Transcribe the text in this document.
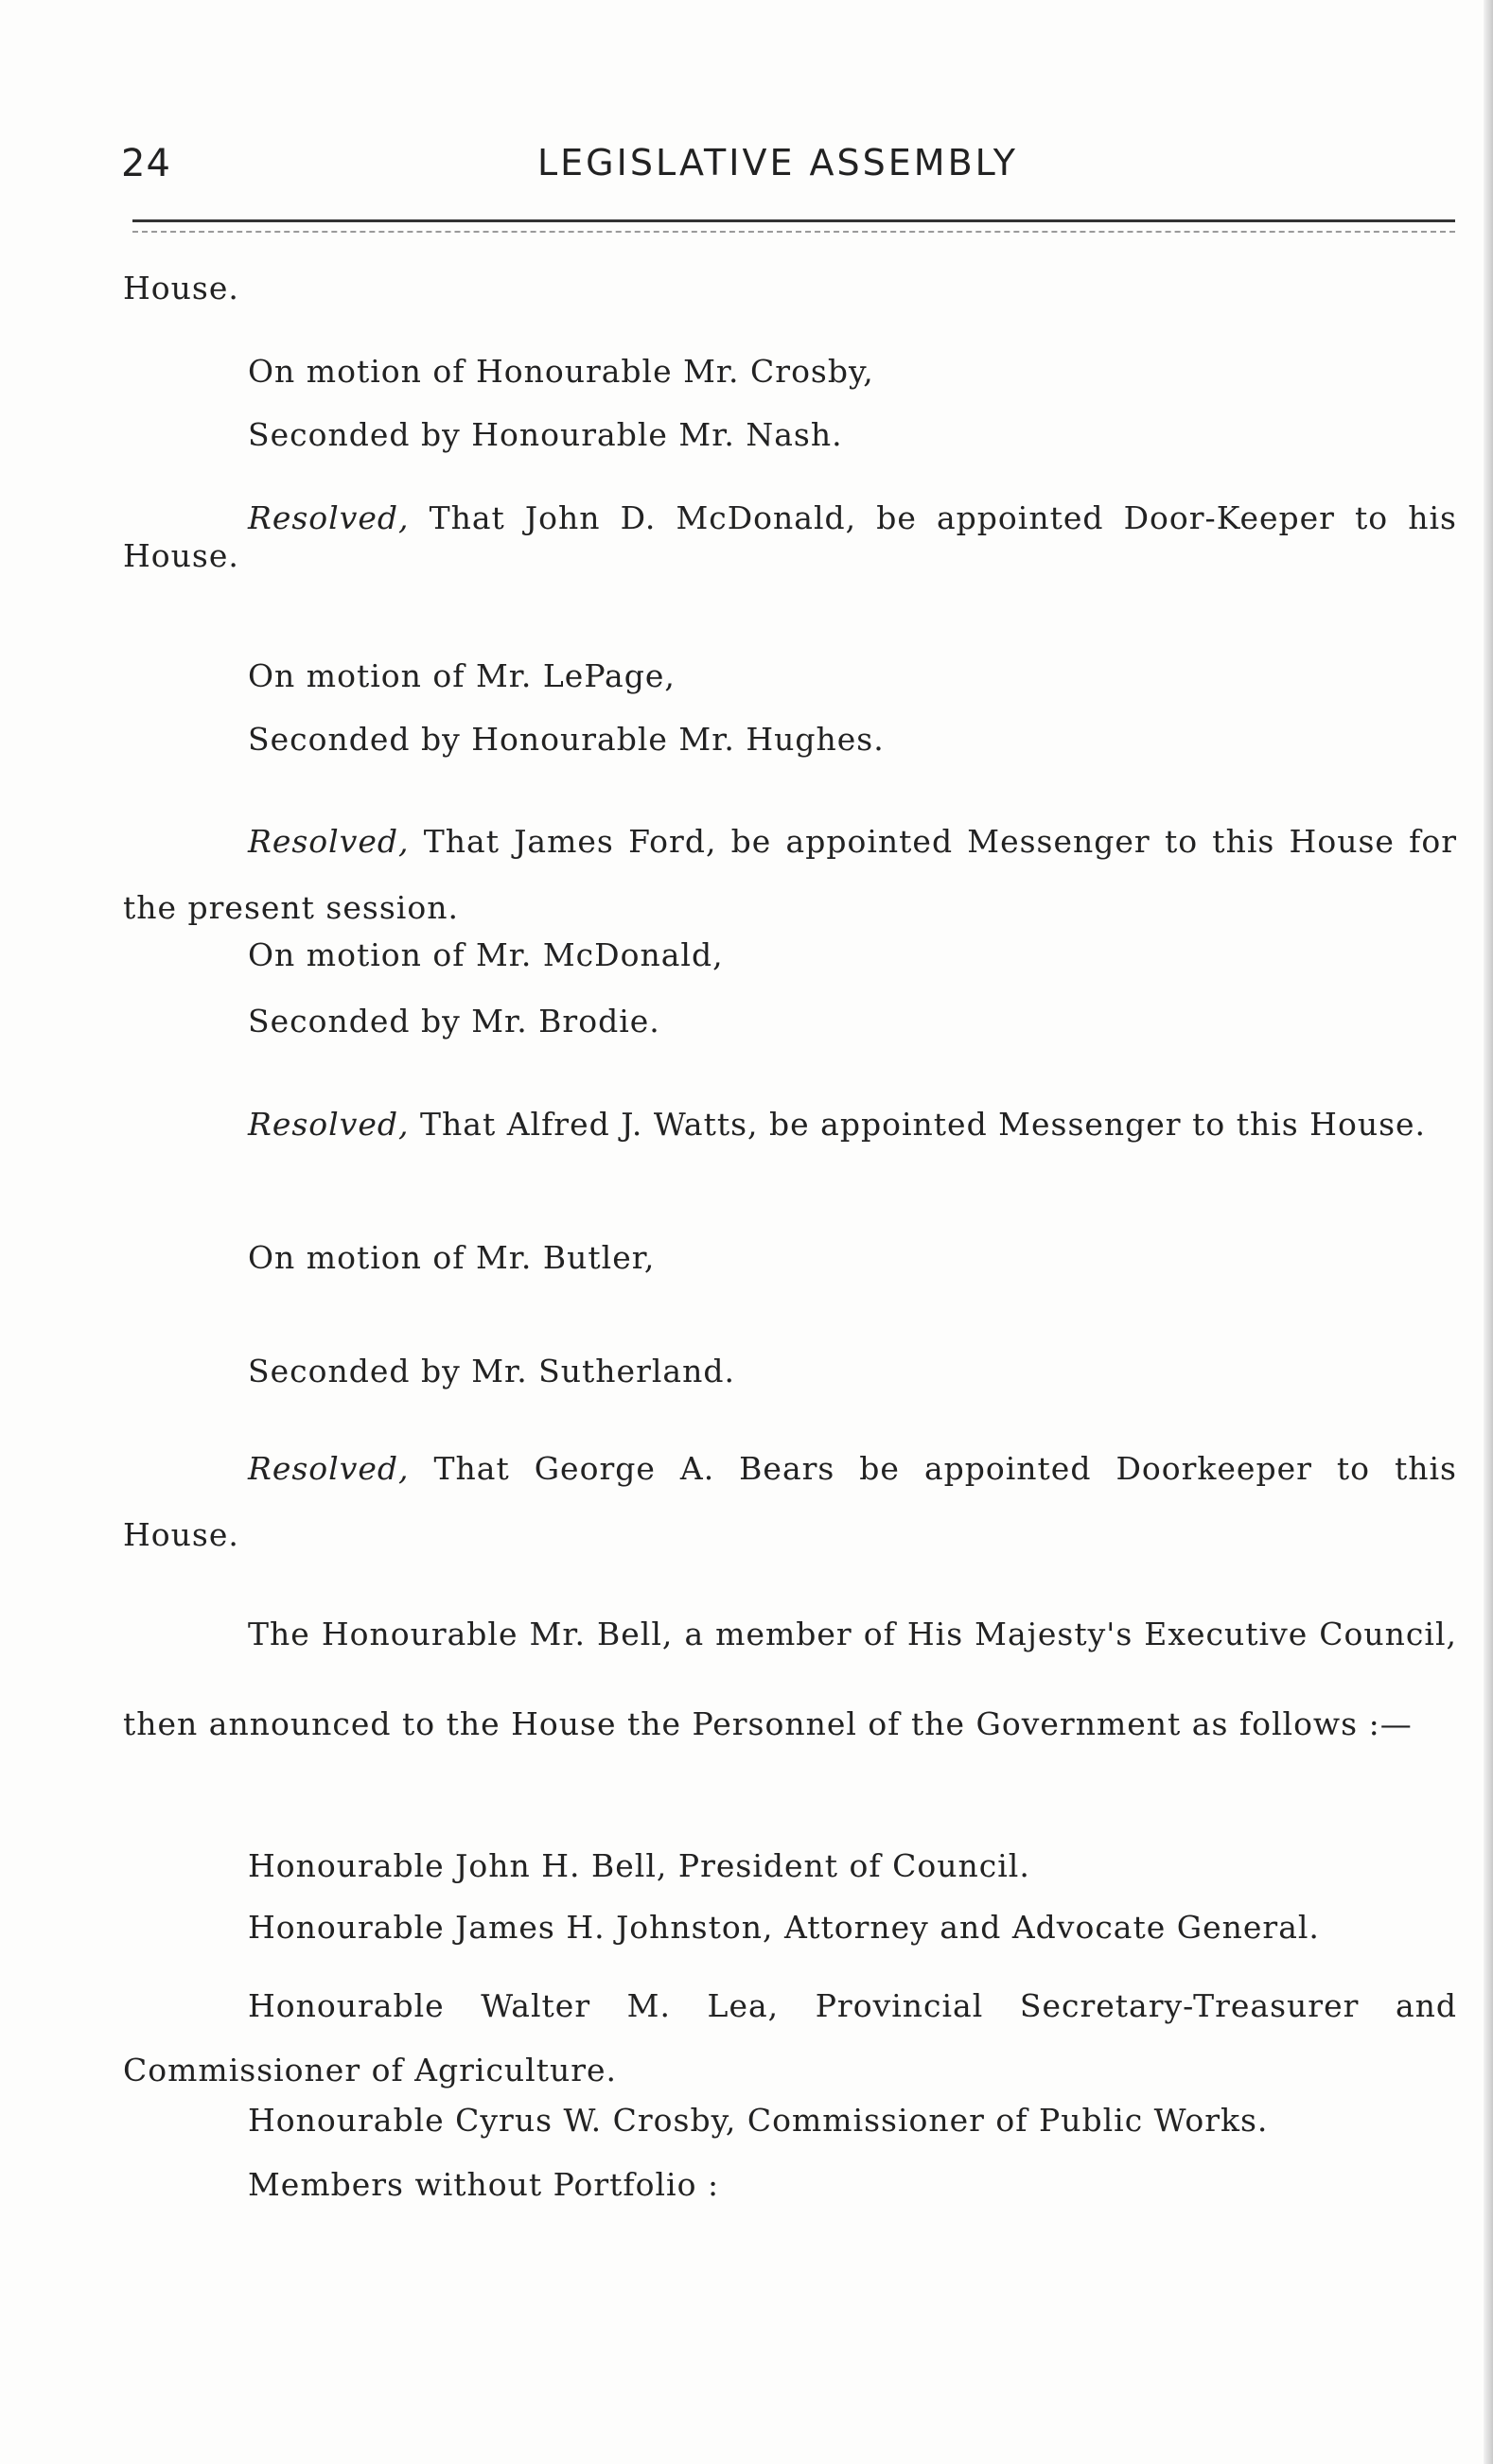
24	LEGISLATIVE ASSEMBLY
House.
On motion of Honourable Mr. Crosby,
Seconded by Honourable Mr. Nash.
Resolved, That John D. McDonald, be appointed Door-Keeper to his House.
On motion of Mr. LePage,
Seconded by Honourable Mr. Hughes.
Resolved, That James Ford, be appointed Messenger to this House for the present session.
On motion of Mr. McDonald,
Seconded by Mr. Brodie.
Resolved, That Alfred J. Watts, be appointed Messenger to this House.
On motion of Mr. Butler,
Seconded by Mr. Sutherland.
Resolved, That George A. Bears be appointed Doorkeeper to this House.
The Honourable Mr. Bell, a member of His Majesty's Executive Council, then announced to the House the Personnel of the Government as follows :—
Honourable John H. Bell, President of Council.
Honourable James H. Johnston, Attorney and Advocate General.
Honourable Walter M. Lea, Provincial Secretary-Treasurer and Commissioner of Agriculture.
Honourable Cyrus W. Crosby, Commissioner of Public Works.
Members without Portfolio :
